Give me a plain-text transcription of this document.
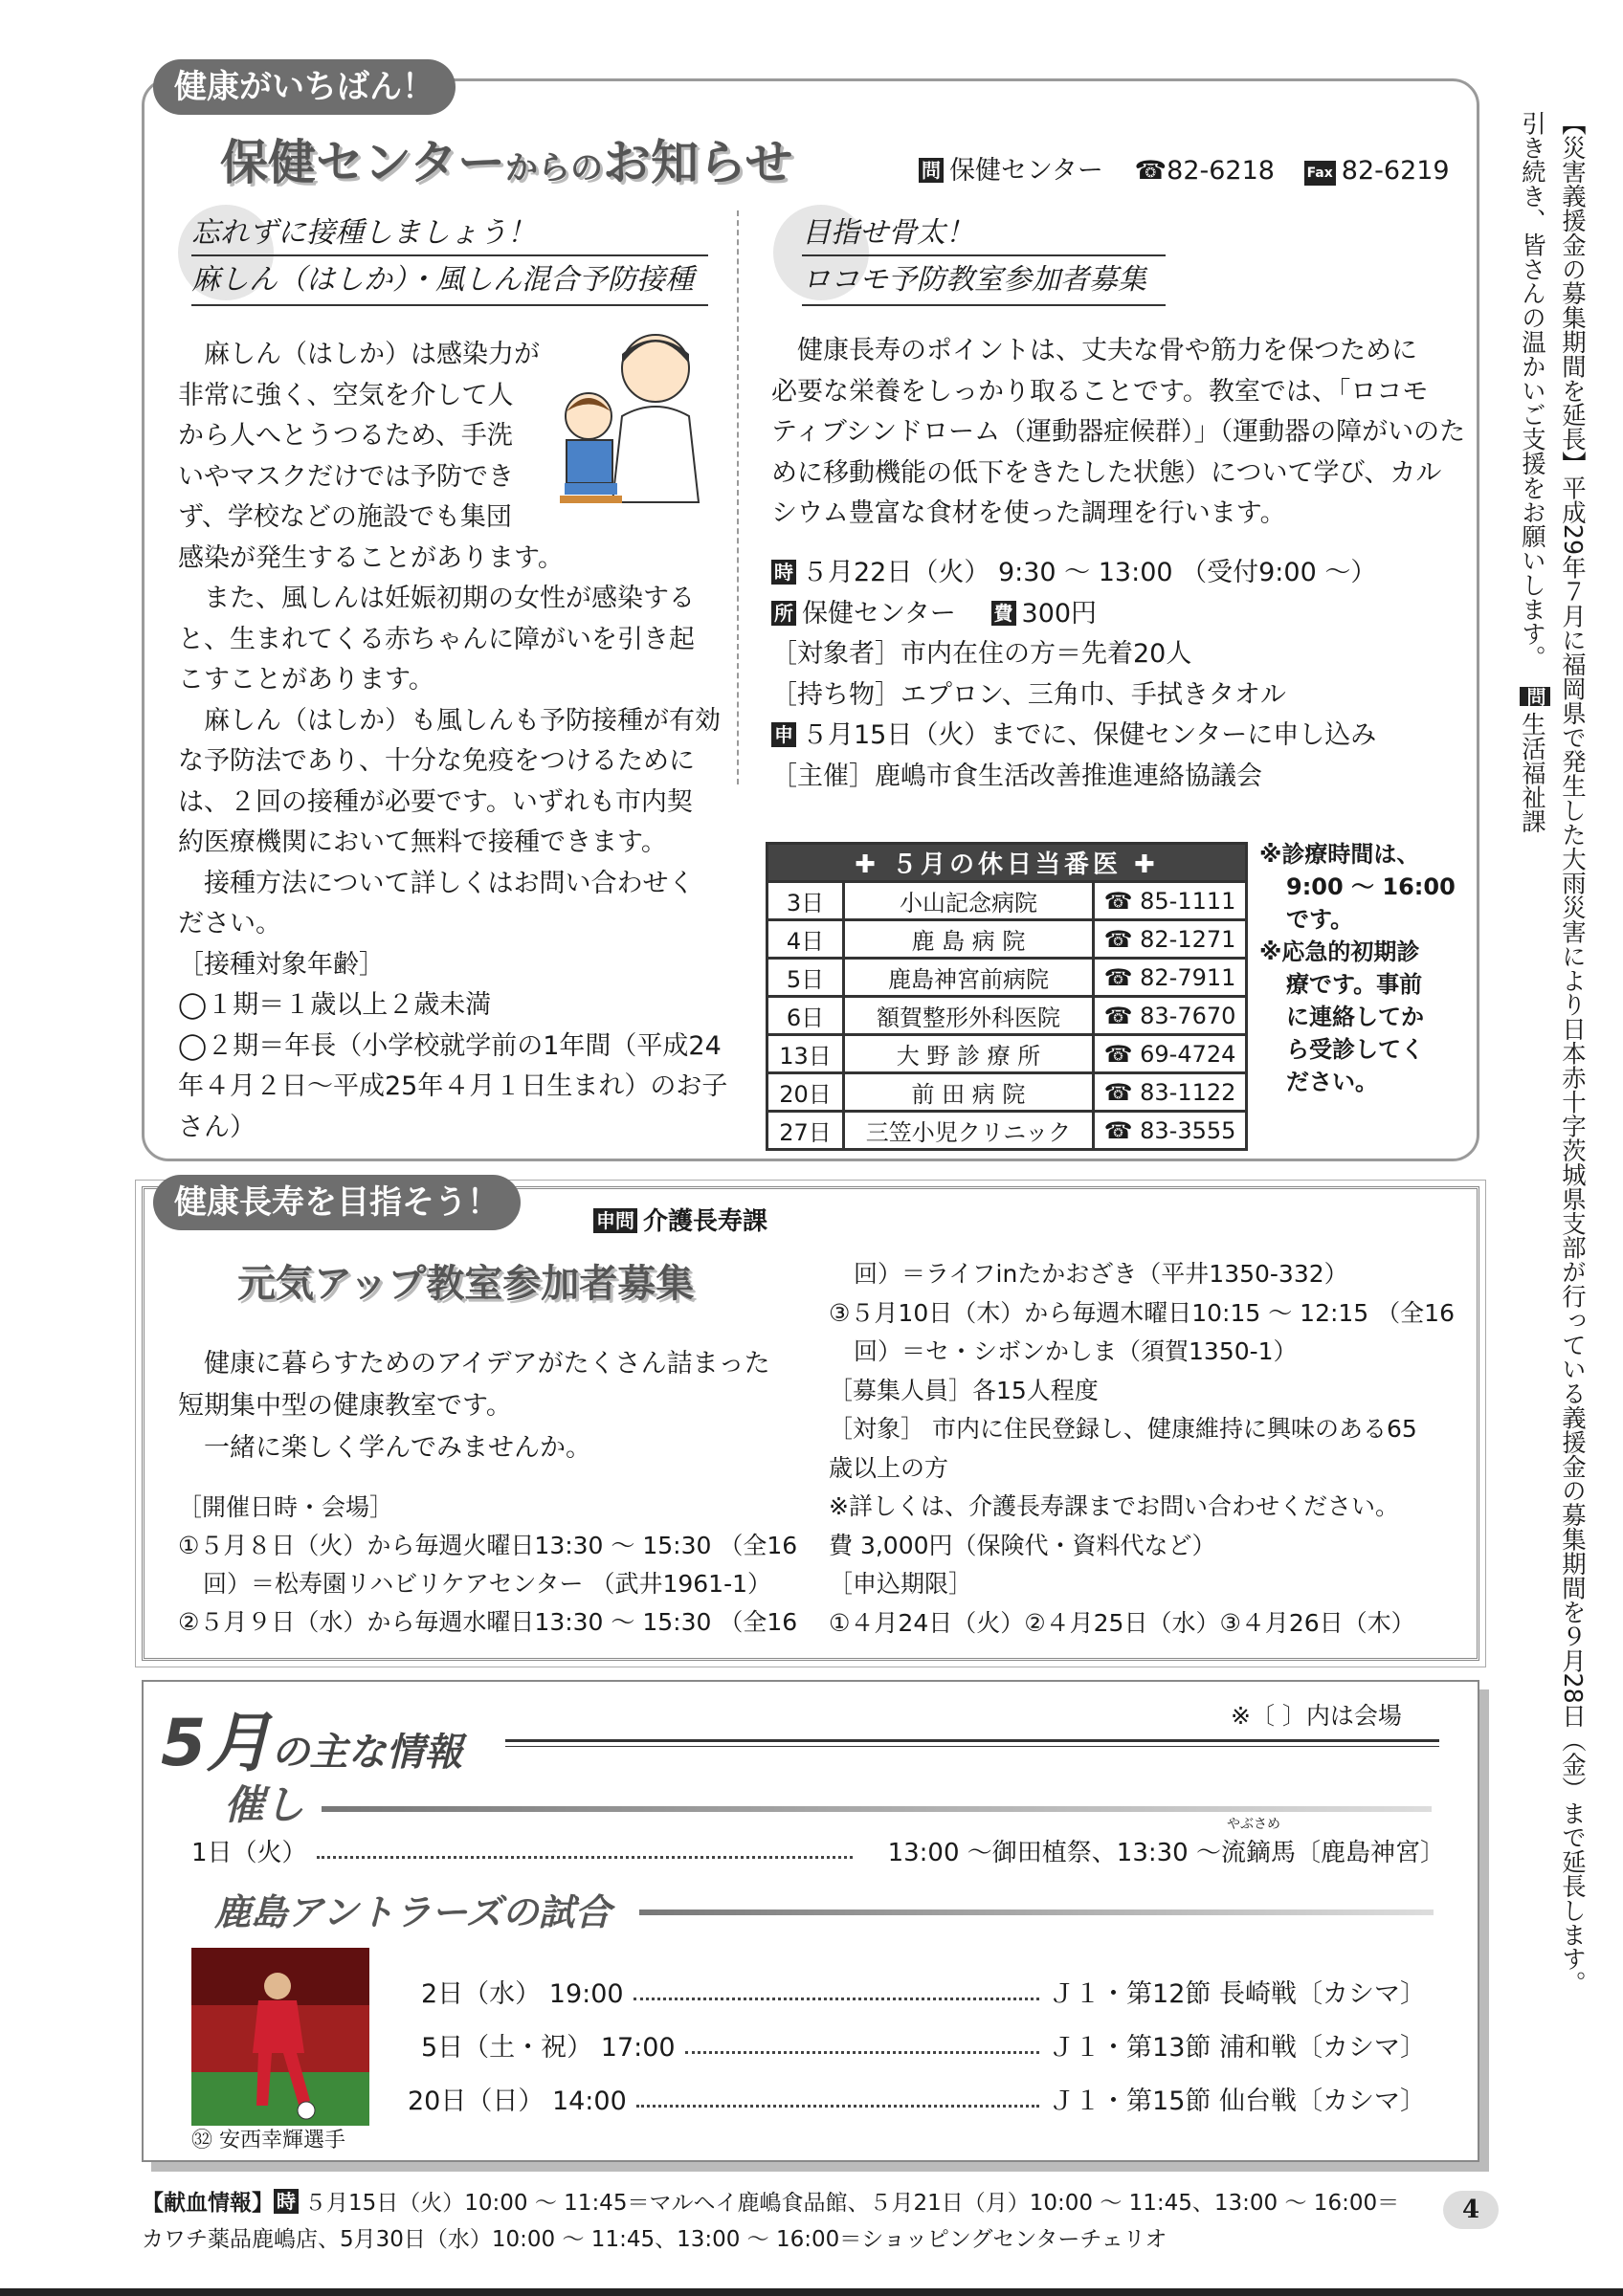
健康がいちばん！
保健センターからのお知らせ	問 保健センター ☎82-6218 Fax 82-6219
忘れずに接種しましょう！
麻しん（はしか）・風しん混合予防接種
麻しん（はしか）は感染力が
非常に強く、空気を介して人
から人へとうつるため、手洗
いやマスクだけでは予防でき
ず、学校などの施設でも集団
感染が発生することがあります。
また、風しんは妊娠初期の女性が感染する
と、生まれてくる赤ちゃんに障がいを引き起
こすことがあります。
麻しん（はしか）も風しんも予防接種が有効
な予防法であり、十分な免疫をつけるために
は、２回の接種が必要です。いずれも市内契
約医療機関において無料で接種できます。
接種方法について詳しくはお問い合わせく
ださい。
［接種対象年齢］
◯１期＝１歳以上２歳未満
◯２期＝年長（小学校就学前の1年間（平成24
年４月２日〜平成25年４月１日生まれ）のお子
さん）
目指せ骨太！
ロコモ予防教室参加者募集
健康長寿のポイントは、丈夫な骨や筋力を保つために
必要な栄養をしっかり取ることです。教室では、「ロコモ
ティブシンドローム（運動器症候群）」（運動器の障がいのた
めに移動機能の低下をきたした状態）について学び、カル
シウム豊富な食材を使った調理を行います。
時 ５月22日（火） 9:30 〜 13:00 （受付9:00 〜）
所 保健センター 費 300円
［対象者］市内在住の方＝先着20人
［持ち物］エプロン、三角巾、手拭きタオル
申 ５月15日（火）までに、保健センターに申し込み
［主催］鹿嶋市食生活改善推進連絡協議会
✚ ５月の休日当番医 ✚		
3日	小山記念病院	☎ 85-1111
4日	鹿 島 病 院	☎ 82-1271
5日	鹿島神宮前病院	☎ 82-7911
6日	額賀整形外科医院	☎ 83-7670
13日	大 野 診 療 所	☎ 69-4724
20日	前 田 病 院	☎ 83-1122
27日	三笠小児クリニック	☎ 83-3555
※診療時間は、
9:00 〜 16:00
です。
※応急的初期診
療です。事前
に連絡してか
ら受診してく
ださい。
健康長寿を目指そう！	申問 介護長寿課
元気アップ教室参加者募集
健康に暮らすためのアイデアがたくさん詰まった
短期集中型の健康教室です。
一緒に楽しく学んでみませんか。
［開催日時・会場］
①５月８日（火）から毎週火曜日13:30 〜 15:30 （全16
回）＝松寿園リハビリケアセンター （武井1961-1）
②５月９日（水）から毎週水曜日13:30 〜 15:30 （全16
回）＝ライフinたかおざき（平井1350-332）
③５月10日（木）から毎週木曜日10:15 〜 12:15 （全16
回）＝セ・シボンかしま（須賀1350-1）
［募集人員］各15人程度
［対象］ 市内に住民登録し、健康維持に興味のある65
歳以上の方
※詳しくは、介護長寿課までお問い合わせください。
費 3,000円（保険代・資料代など）
［申込期限］
①４月24日（火）②４月25日（水）③４月26日（木）
5月の主な情報
※〔 〕内は会場
催し
1日（火）	13:00 〜御田植祭、13:30 〜
やぶさめ
流鏑馬 〔鹿島神宮〕
鹿島アントラーズの試合
㉜ 安西幸輝選手
2日（水） 19:00	Ｊ１・第12節 長崎戦〔カシマ〕
5日（土・祝） 17:00	Ｊ１・第13節 浦和戦〔カシマ〕
20日（日） 14:00	Ｊ１・第15節 仙台戦〔カシマ〕
【献血情報】 時 ５月15日（火）10:00 〜 11:45＝マルヘイ鹿嶋食品館、５月21日（月）10:00 〜 11:45、13:00 〜 16:00＝
カワチ薬品鹿嶋店、5月30日（水）10:00 〜 11:45、13:00 〜 16:00＝ショッピングセンターチェリオ
4
【災害義援金の募集期間を延長】平成29年７月に福岡県で発生した大雨災害により日本赤十字茨城県支部が行っている義援金の募集期間を９月28日（金）まで延長します。
引き続き、皆さんの温かいご支援をお願いします。問生活福祉課
